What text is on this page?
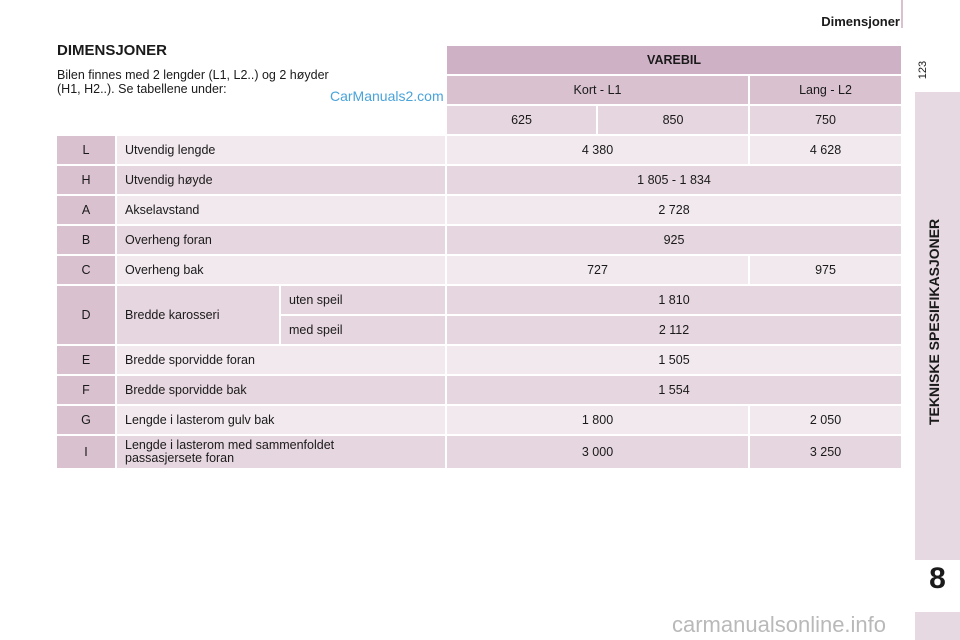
Dimensjoner
123
8
DIMENSJONER
Bilen finnes med 2 lengder (L1, L2..) og 2 høyder
(H1, H2..). Se tabellene under:	CarManuals2.com
VAREBIL
Kort - L1	Lang - L2
625	850	750
L	Utvendig lengde	4 380	4 628
H	Utvendig høyde	1 805 - 1 834
A	Akselavstand	2 728
B	Overheng foran	925
C	Overheng bak	727	975
D	Bredde karosseri
uten speil	1 810
med speil	2 112
E	Bredde sporvidde foran	1 505
F	Bredde sporvidde bak	1 554
G	Lengde i lasterom gulv bak	1 800	2 050
I	Lengde i lasterom med sammenfoldet
passasjersete foran	3 000	3 250
carmanualsonline.info
